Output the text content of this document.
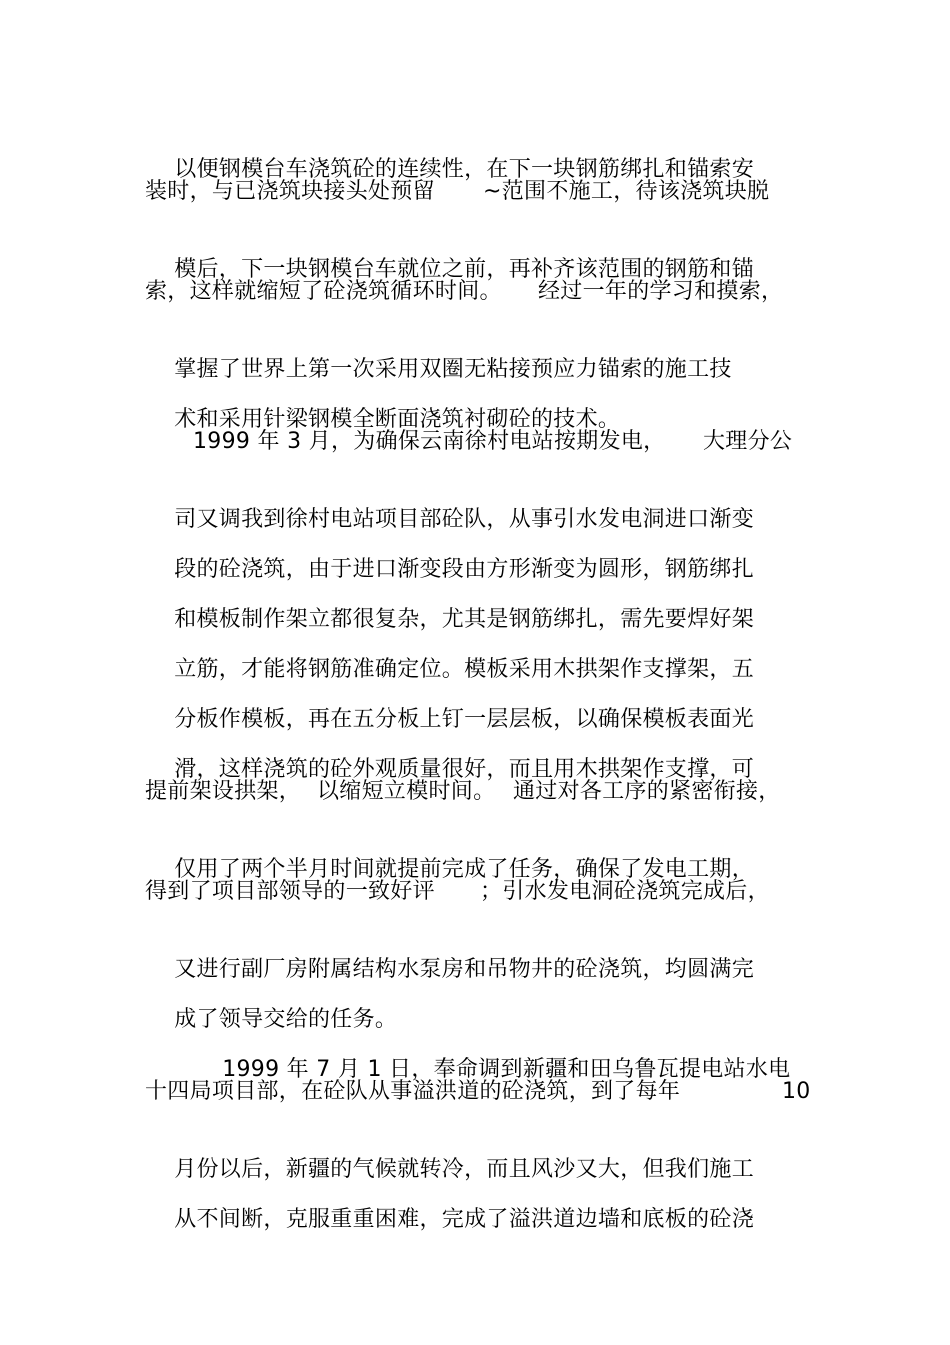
以便钢模台车浇筑砼的连续性，在下一块钢筋绑扎和锚索安

装时，与已浇筑块接头处预留

~范围不施工，待该浇筑块脱

模后，下一块钢模台车就位之前，再补齐该范围的钢筋和锚

索，这样就缩短了砼浇筑循环时间。

经过一年的学习和摸索，

掌握了世界上第一次采用双圈无粘接预应力锚索的施工技

术和采用针梁钢模全断面浇筑衬砌砼的技术。

1999 年 3 月，为确保云南徐村电站按期发电，

大理分公

司又调我到徐村电站项目部砼队，从事引水发电洞进口渐变

段的砼浇筑，由于进口渐变段由方形渐变为圆形，钢筋绑扎

和模板制作架立都很复杂，尤其是钢筋绑扎，需先要焊好架

立筋，才能将钢筋准确定位。模板采用木拱架作支撑架，五

分板作模板，再在五分板上钉一层层板，以确保模板表面光

滑，这样浇筑的砼外观质量很好，而且用木拱架作支撑，可

提前架设拱架，

以缩短立模时间。

通过对各工序的紧密衔接，

仅用了两个半月时间就提前完成了任务，确保了发电工期，

得到了项目部领导的一致好评

；引水发电洞砼浇筑完成后，

又进行副厂房附属结构水泵房和吊物井的砼浇筑，均圆满完

成了领导交给的任务。

1999 年 7 月 1 日，奉命调到新疆和田乌鲁瓦提电站水电

十四局项目部，在砼队从事溢洪道的砼浇筑，到了每年

	10

月份以后，新疆的气候就转冷，而且风沙又大，但我们施工

从不间断，克服重重困难，完成了溢洪道边墙和底板的砼浇
